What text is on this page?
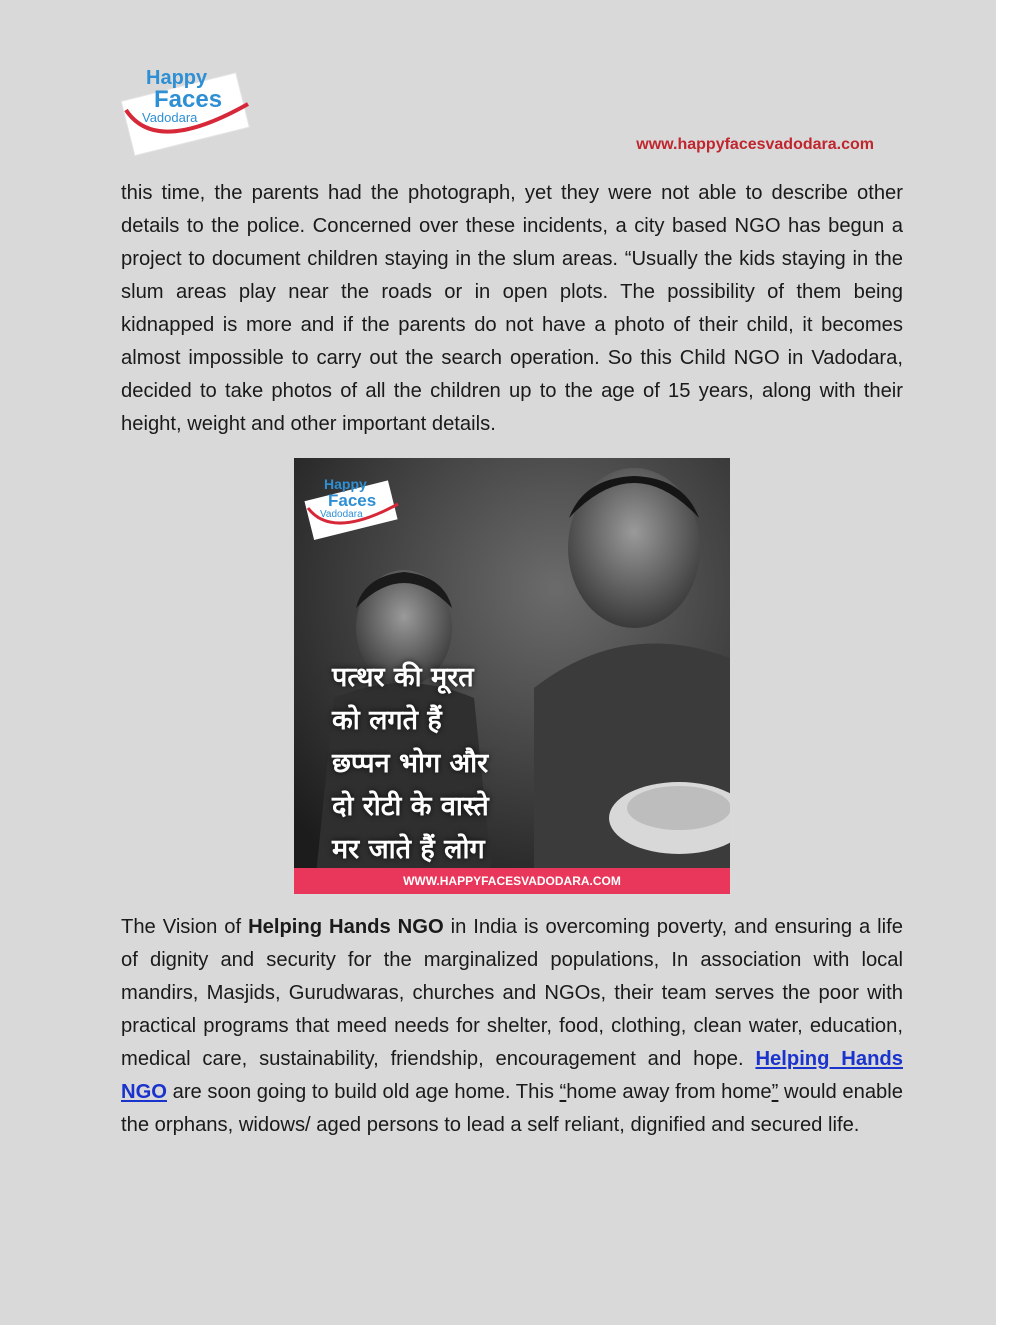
Happy
Faces
Vadodara
www.happyfacesvadodara.com
this time, the parents had the photograph, yet they were not able to describe other details to the police. Concerned over these incidents, a city based NGO has begun a project to document children staying in the slum areas. “Usually the kids staying in the slum areas play near the roads or in open plots. The possibility of them being kidnapped is more and if the parents do not have a photo of their child, it becomes almost impossible to carry out the search operation. So this Child NGO in Vadodara, decided to take photos of all the children up to the age of 15 years, along with their height, weight and other important details.
Happy
Faces
Vadodara
पत्थर की मूरत
को लगते हैं
छप्पन भोग और
दो रोटी के वास्ते
मर जाते हैं लोग
WWW.HAPPYFACESVADODARA.COM
The Vision of Helping Hands NGO in India is overcoming poverty, and ensuring a life of dignity and security for the marginalized populations, In association with local mandirs, Masjids, Gurudwaras, churches and NGOs, their team serves the poor with practical programs that meed needs for shelter, food, clothing, clean water, education, medical care, sustainability, friendship, encouragement and hope. Helping Hands NGO are soon going to build old age home. This “home away from home” would enable the orphans, widows/ aged persons to lead a self reliant, dignified and secured life.
